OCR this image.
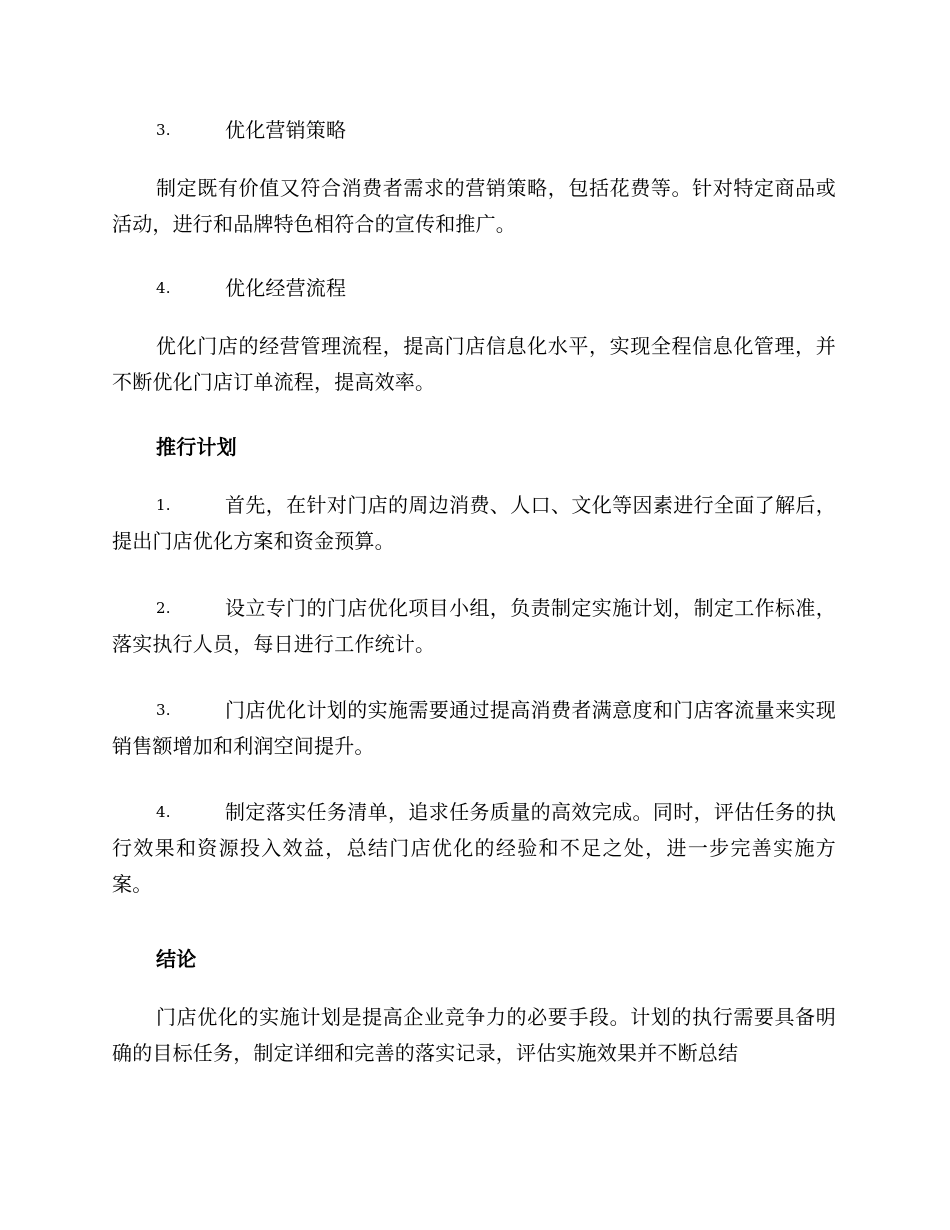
3.	优化营销策略
制定既有价值又符合消费者需求的营销策略，包括花费等。针对特定商品或活动，进行和品牌特色相符合的宣传和推广。
4.	优化经营流程
优化门店的经营管理流程，提高门店信息化水平，实现全程信息化管理，并不断优化门店订单流程，提高效率。
推行计划
1.	首先，在针对门店的周边消费、人口、文化等因素进行全面了解后，提出门店优化方案和资金预算。
2.	设立专门的门店优化项目小组，负责制定实施计划，制定工作标准，落实执行人员，每日进行工作统计。
3.	门店优化计划的实施需要通过提高消费者满意度和门店客流量来实现销售额增加和利润空间提升。
4.	制定落实任务清单，追求任务质量的高效完成。同时，评估任务的执行效果和资源投入效益，总结门店优化的经验和不足之处，进一步完善实施方案。
结论
门店优化的实施计划是提高企业竞争力的必要手段。计划的执行需要具备明确的目标任务，制定详细和完善的落实记录，评估实施效果并不断总结
